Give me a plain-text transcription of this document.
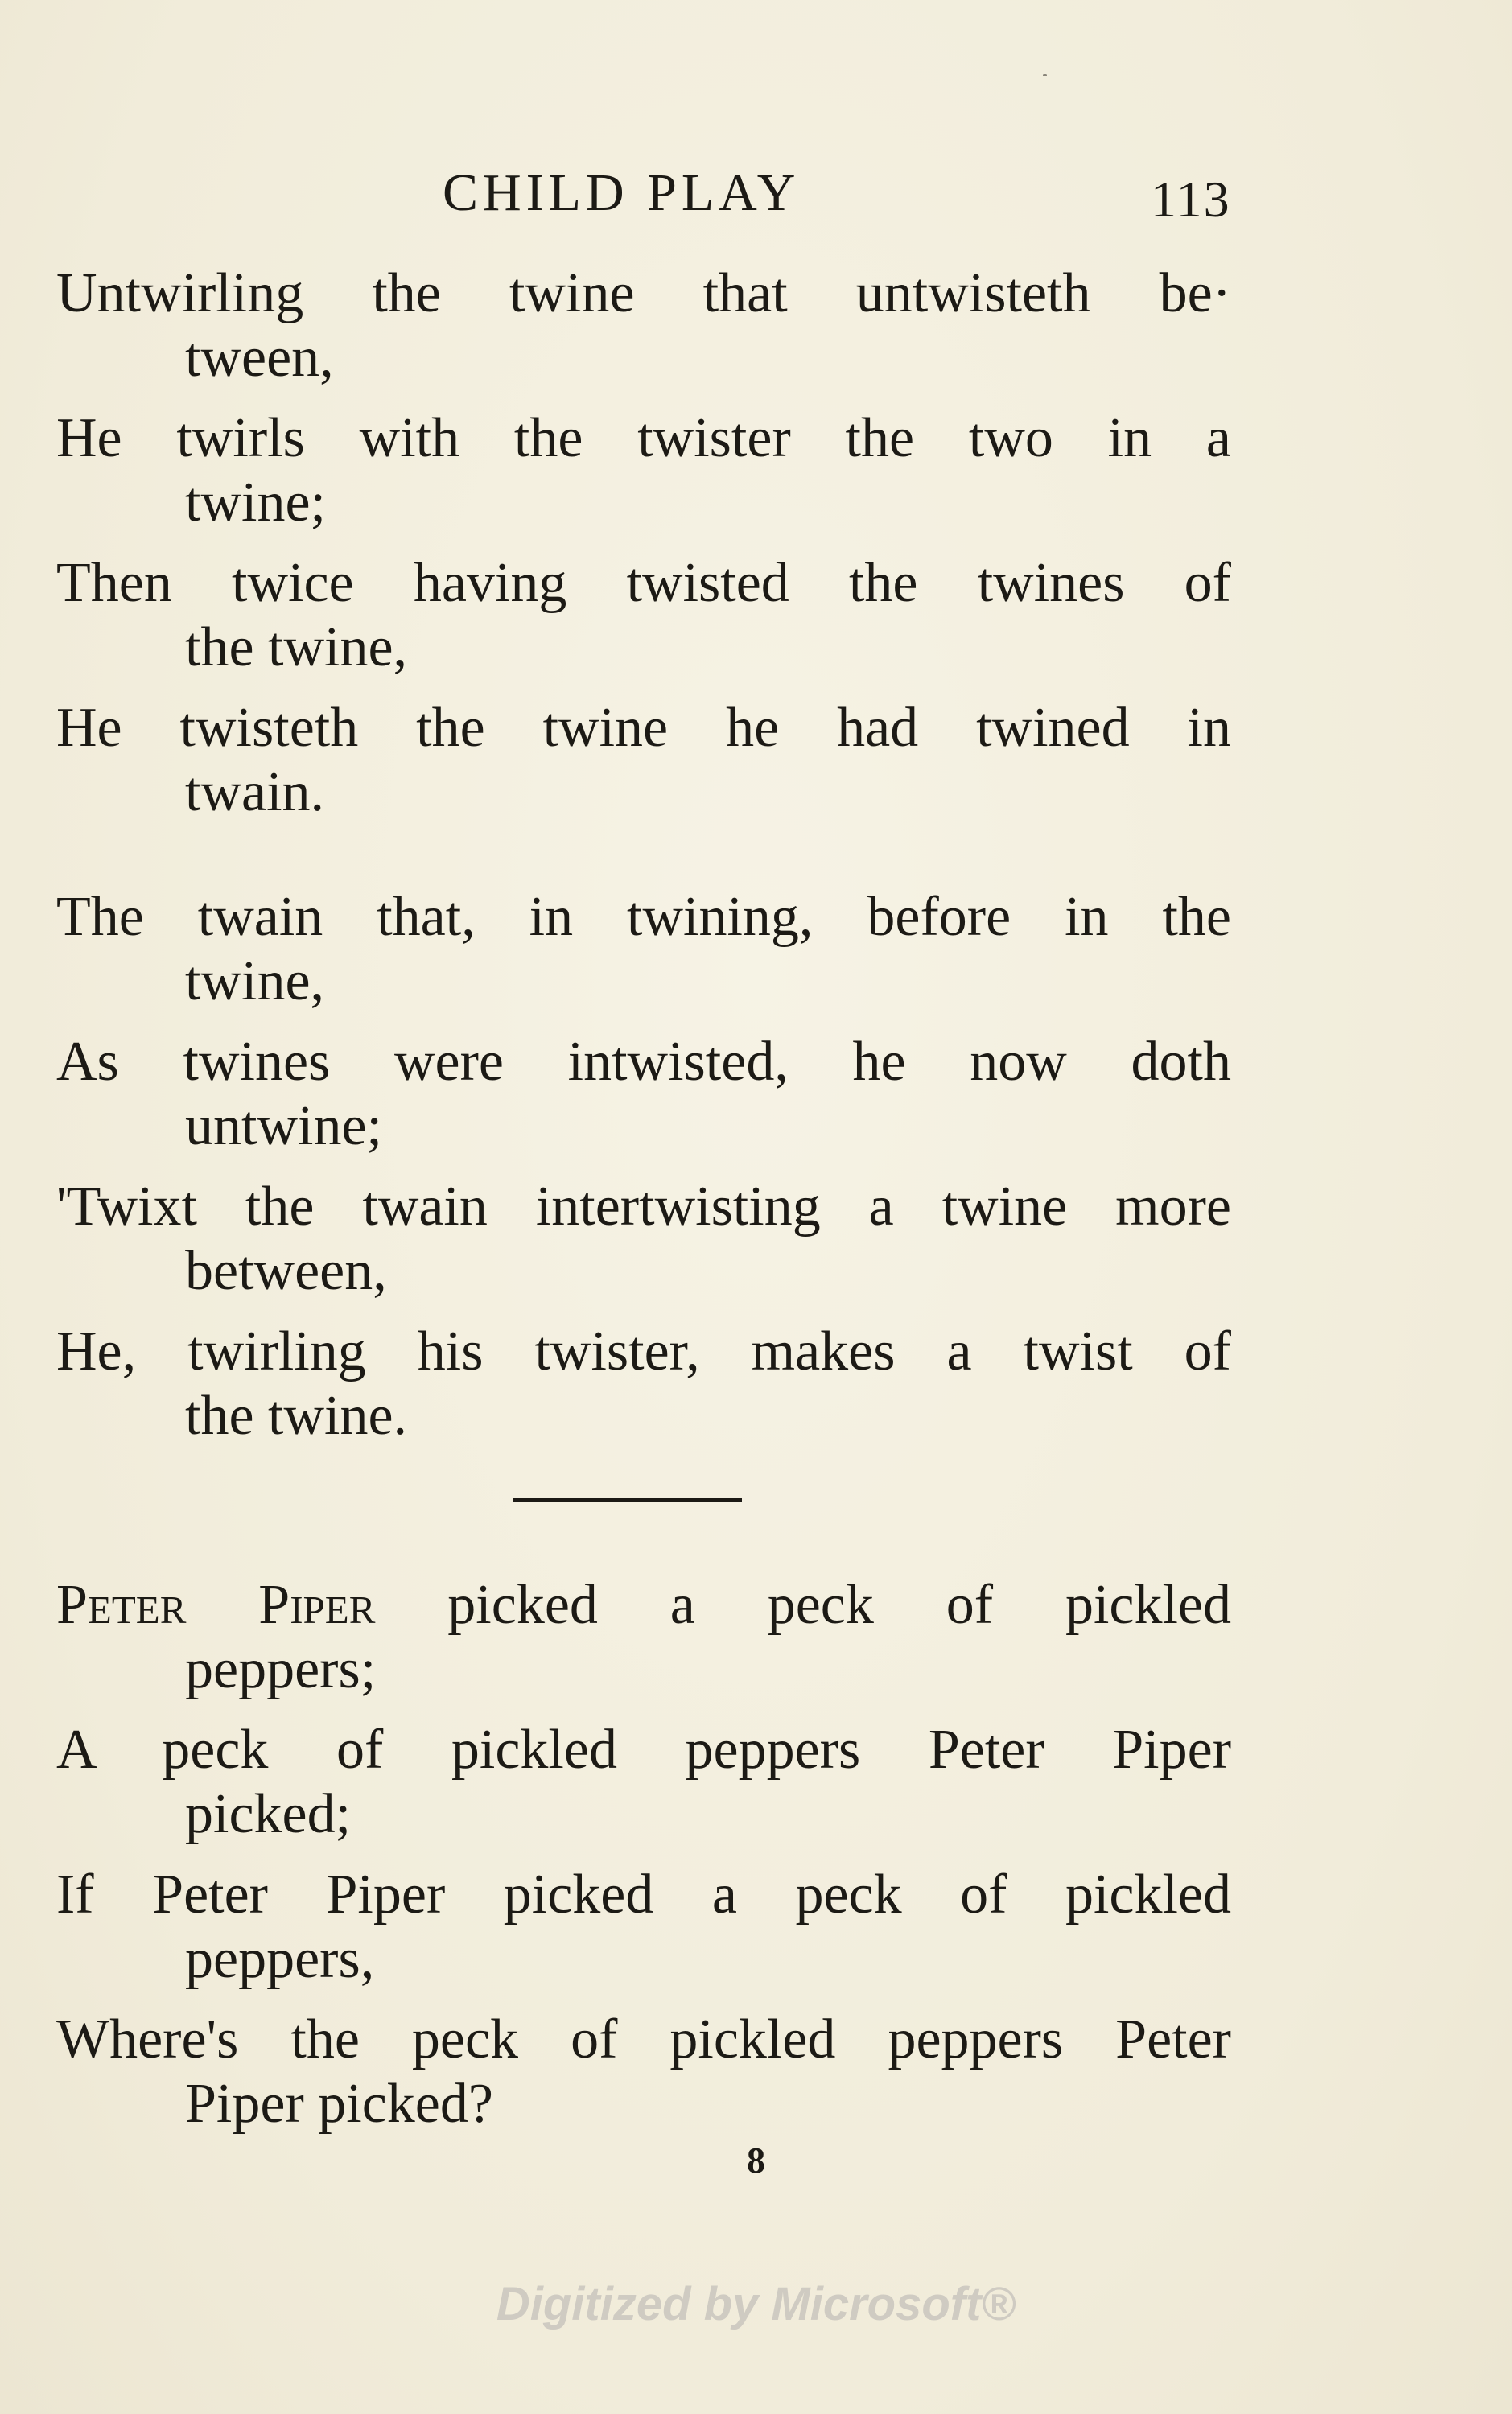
CHILD PLAY	113
Untwirling the twine that untwisteth be·
tween,
He twirls with the twister the two in a
twine;
Then twice having twisted the twines of
the twine,
He twisteth the twine he had twined in
twain.
The twain that, in twining, before in the
twine,
As twines were intwisted, he now doth
untwine;
'Twixt the twain intertwisting a twine more
between,
He, twirling his twister, makes a twist of
the twine.
Peter Piper picked a peck of pickled
peppers;
A peck of pickled peppers Peter Piper
picked;
If Peter Piper picked a peck of pickled
peppers,
Where's the peck of pickled peppers Peter
Piper picked?
8
Digitized by Microsoft®
